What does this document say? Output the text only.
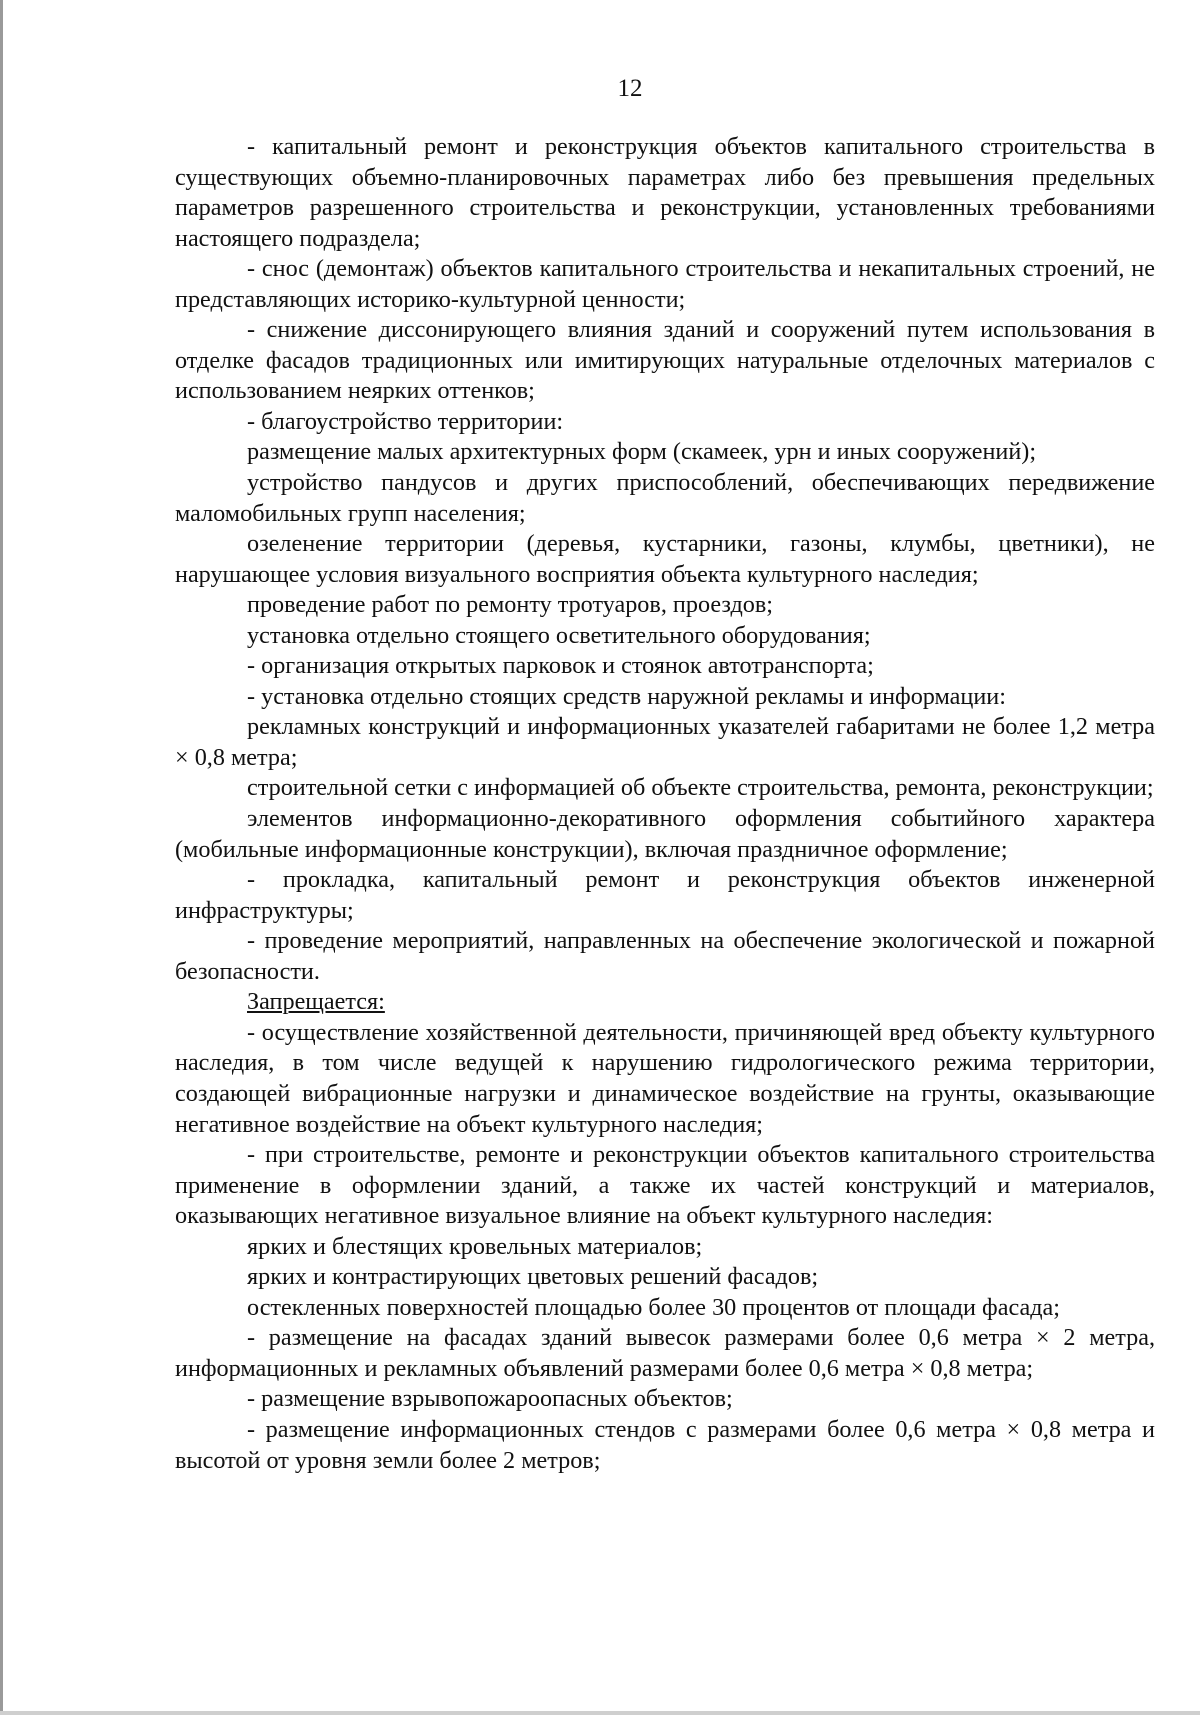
12

- капитальный ремонт и реконструкция объектов капитального строительства в существующих объемно-планировочных параметрах либо без превышения предельных параметров разрешенного строительства и реконструкции, установленных требованиями настоящего подраздела;

- снос (демонтаж) объектов капитального строительства и некапитальных строений, не представляющих историко-культурной ценности;

- снижение диссонирующего влияния зданий и сооружений путем использования в отделке фасадов традиционных или имитирующих натуральные отделочных материалов с использованием неярких оттенков;

- благоустройство территории:

размещение малых архитектурных форм (скамеек, урн и иных сооружений);

устройство пандусов и других приспособлений, обеспечивающих передвижение маломобильных групп населения;

озеленение территории (деревья, кустарники, газоны, клумбы, цветники), не нарушающее условия визуального восприятия объекта культурного наследия;

проведение работ по ремонту тротуаров, проездов;

установка отдельно стоящего осветительного оборудования;

- организация открытых парковок и стоянок автотранспорта;

- установка отдельно стоящих средств наружной рекламы и информации:

рекламных конструкций и информационных указателей габаритами не более 1,2 метра × 0,8 метра;

строительной сетки с информацией об объекте строительства, ремонта, реконструкции;

элементов информационно-декоративного оформления событийного характера (мобильные информационные конструкции), включая праздничное оформление;

- прокладка, капитальный ремонт и реконструкция объектов инженерной инфраструктуры;

- проведение мероприятий, направленных на обеспечение экологической и пожарной безопасности.

Запрещается:

- осуществление хозяйственной деятельности, причиняющей вред объекту культурного наследия, в том числе ведущей к нарушению гидрологического режима территории, создающей вибрационные нагрузки и динамическое воздействие на грунты, оказывающие негативное воздействие на объект культурного наследия;

- при строительстве, ремонте и реконструкции объектов капитального строительства применение в оформлении зданий, а также их частей конструкций и материалов, оказывающих негативное визуальное влияние на объект культурного наследия:

ярких и блестящих кровельных материалов;

ярких и контрастирующих цветовых решений фасадов;

остекленных поверхностей площадью более 30 процентов от площади фасада;

- размещение на фасадах зданий вывесок размерами более 0,6 метра × 2 метра, информационных и рекламных объявлений размерами более 0,6 метра × 0,8 метра;

- размещение взрывопожароопасных объектов;

- размещение информационных стендов с размерами более 0,6 метра × 0,8 метра и высотой от уровня земли более 2 метров;
